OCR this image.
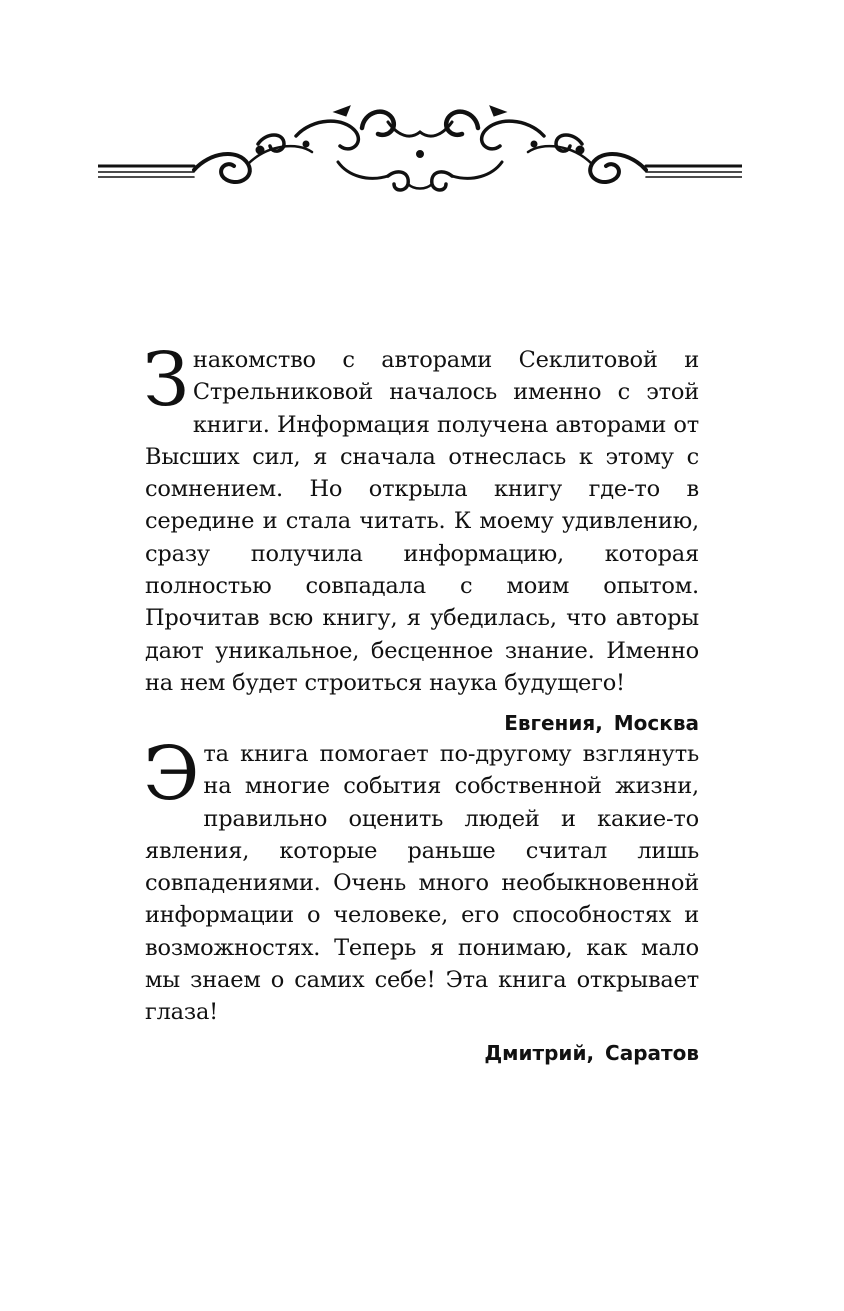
Знакомство с авторами Секлитовой и Стрельниковой началось именно с этой книги. Информация получена авторами от Высших сил, я сначала отнеслась к этому с сомнением. Но открыла книгу где-то в середине и стала читать. К моему удивлению, сразу получила информацию, которая полностью совпадала с моим опытом. Прочитав всю книгу, я убедилась, что авторы дают уникальное, бесценное знание. Именно на нем будет строиться наука будущего!

Евгения, Москва

Эта книга помогает по-другому взглянуть на многие события собственной жизни, правильно оценить людей и какие-то явления, которые раньше считал лишь совпадениями. Очень много необыкновенной информации о человеке, его способностях и возможностях. Теперь я понимаю, как мало мы знаем о самих себе! Эта книга открывает глаза!

Дмитрий, Саратов
